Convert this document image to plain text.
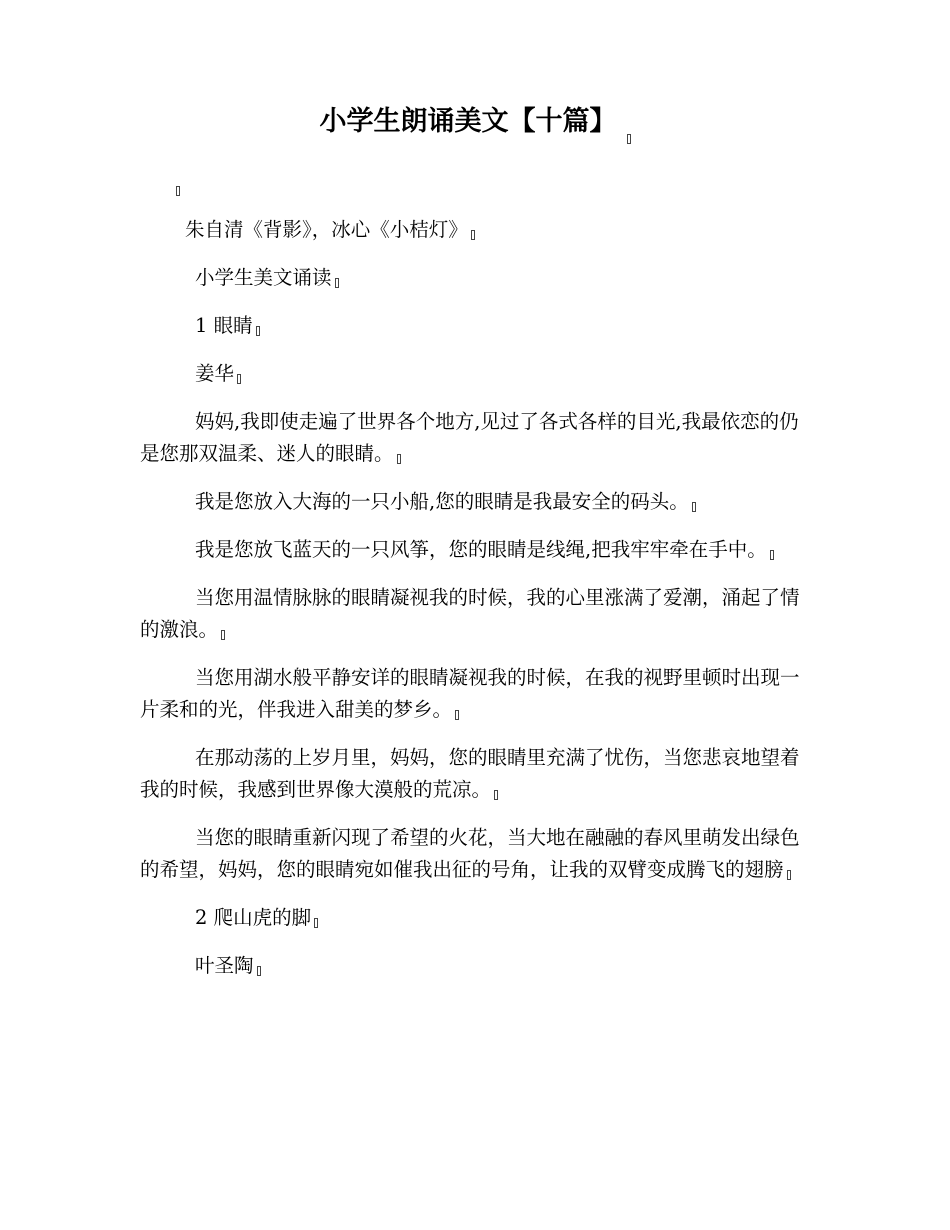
小学生朗诵美文【十篇】
朱自清《背影》，冰心《小桔灯》
小学生美文诵读
1 眼睛
姜华
妈妈,我即使走遍了世界各个地方,见过了各式各样的目光,我最依恋的仍是您那双温柔、迷人的眼睛。
我是您放入大海的一只小船,您的眼睛是我最安全的码头。
我是您放飞蓝天的一只风筝，您的眼睛是线绳,把我牢牢牵在手中。
当您用温情脉脉的眼睛凝视我的时候，我的心里涨满了爱潮，涌起了情的激浪。
当您用湖水般平静安详的眼睛凝视我的时候，在我的视野里顿时出现一片柔和的光，伴我进入甜美的梦乡。
在那动荡的上岁月里，妈妈，您的眼睛里充满了忧伤，当您悲哀地望着我的时候，我感到世界像大漠般的荒凉。
当您的眼睛重新闪现了希望的火花，当大地在融融的春风里萌发出绿色的希望，妈妈，您的眼睛宛如催我出征的号角，让我的双臂变成腾飞的翅膀
2 爬山虎的脚
叶圣陶
